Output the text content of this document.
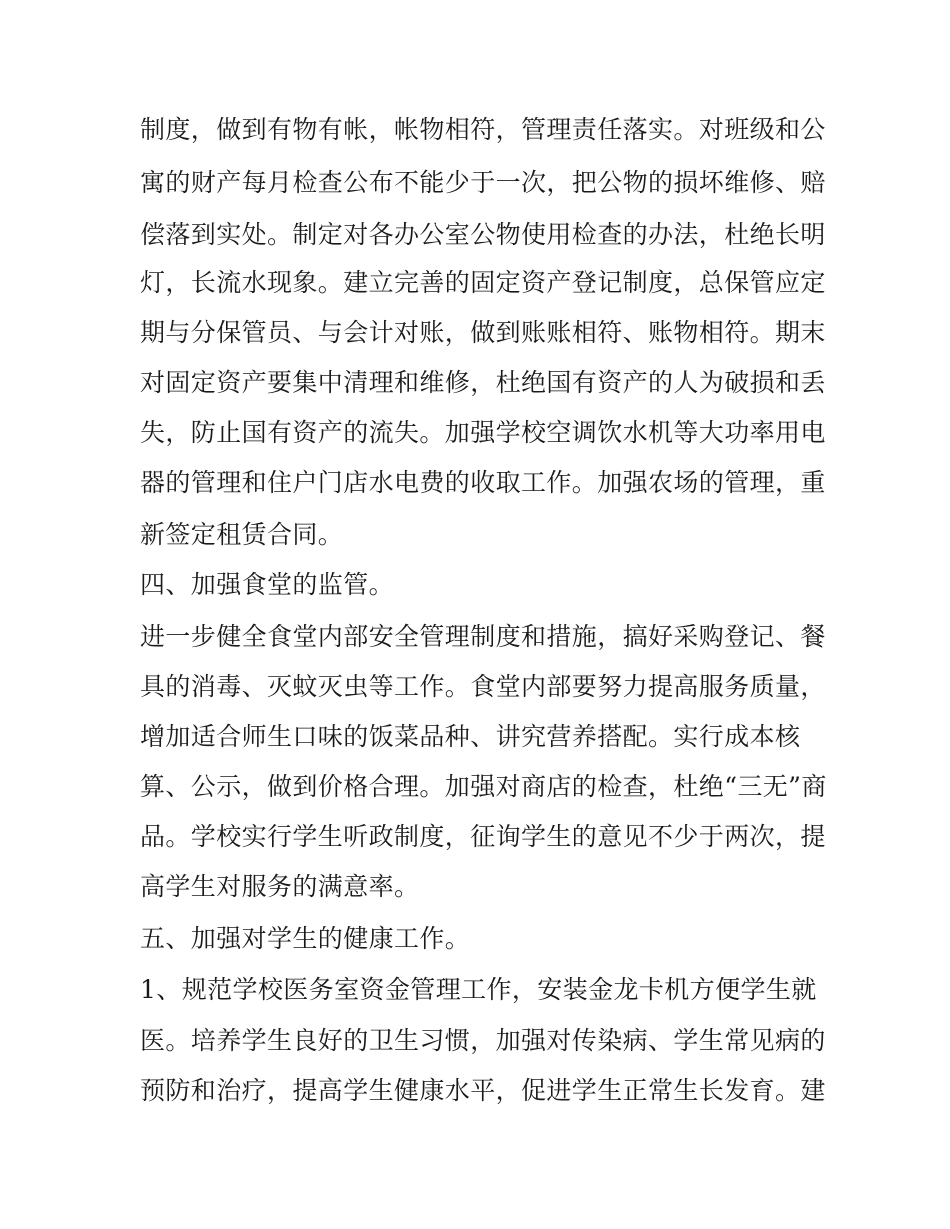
制度，做到有物有帐，帐物相符，管理责任落实。对班级和公
寓的财产每月检查公布不能少于一次，把公物的损坏维修、赔
偿落到实处。制定对各办公室公物使用检查的办法，杜绝长明
灯，长流水现象。建立完善的固定资产登记制度，总保管应定
期与分保管员、与会计对账，做到账账相符、账物相符。期末
对固定资产要集中清理和维修，杜绝国有资产的人为破损和丢
失，防止国有资产的流失。加强学校空调饮水机等大功率用电
器的管理和住户门店水电费的收取工作。加强农场的管理，重
新签定租赁合同。
四、加强食堂的监管。
进一步健全食堂内部安全管理制度和措施，搞好采购登记、餐
具的消毒、灭蚊灭虫等工作。食堂内部要努力提高服务质量，
增加适合师生口味的饭菜品种、讲究营养搭配。实行成本核
算、公示，做到价格合理。加强对商店的检查，杜绝“三无”商
品。学校实行学生听政制度，征询学生的意见不少于两次，提
高学生对服务的满意率。
五、加强对学生的健康工作。
1、规范学校医务室资金管理工作，安装金龙卡机方便学生就
医。培养学生良好的卫生习惯，加强对传染病、学生常见病的
预防和治疗，提高学生健康水平，促进学生正常生长发育。建
